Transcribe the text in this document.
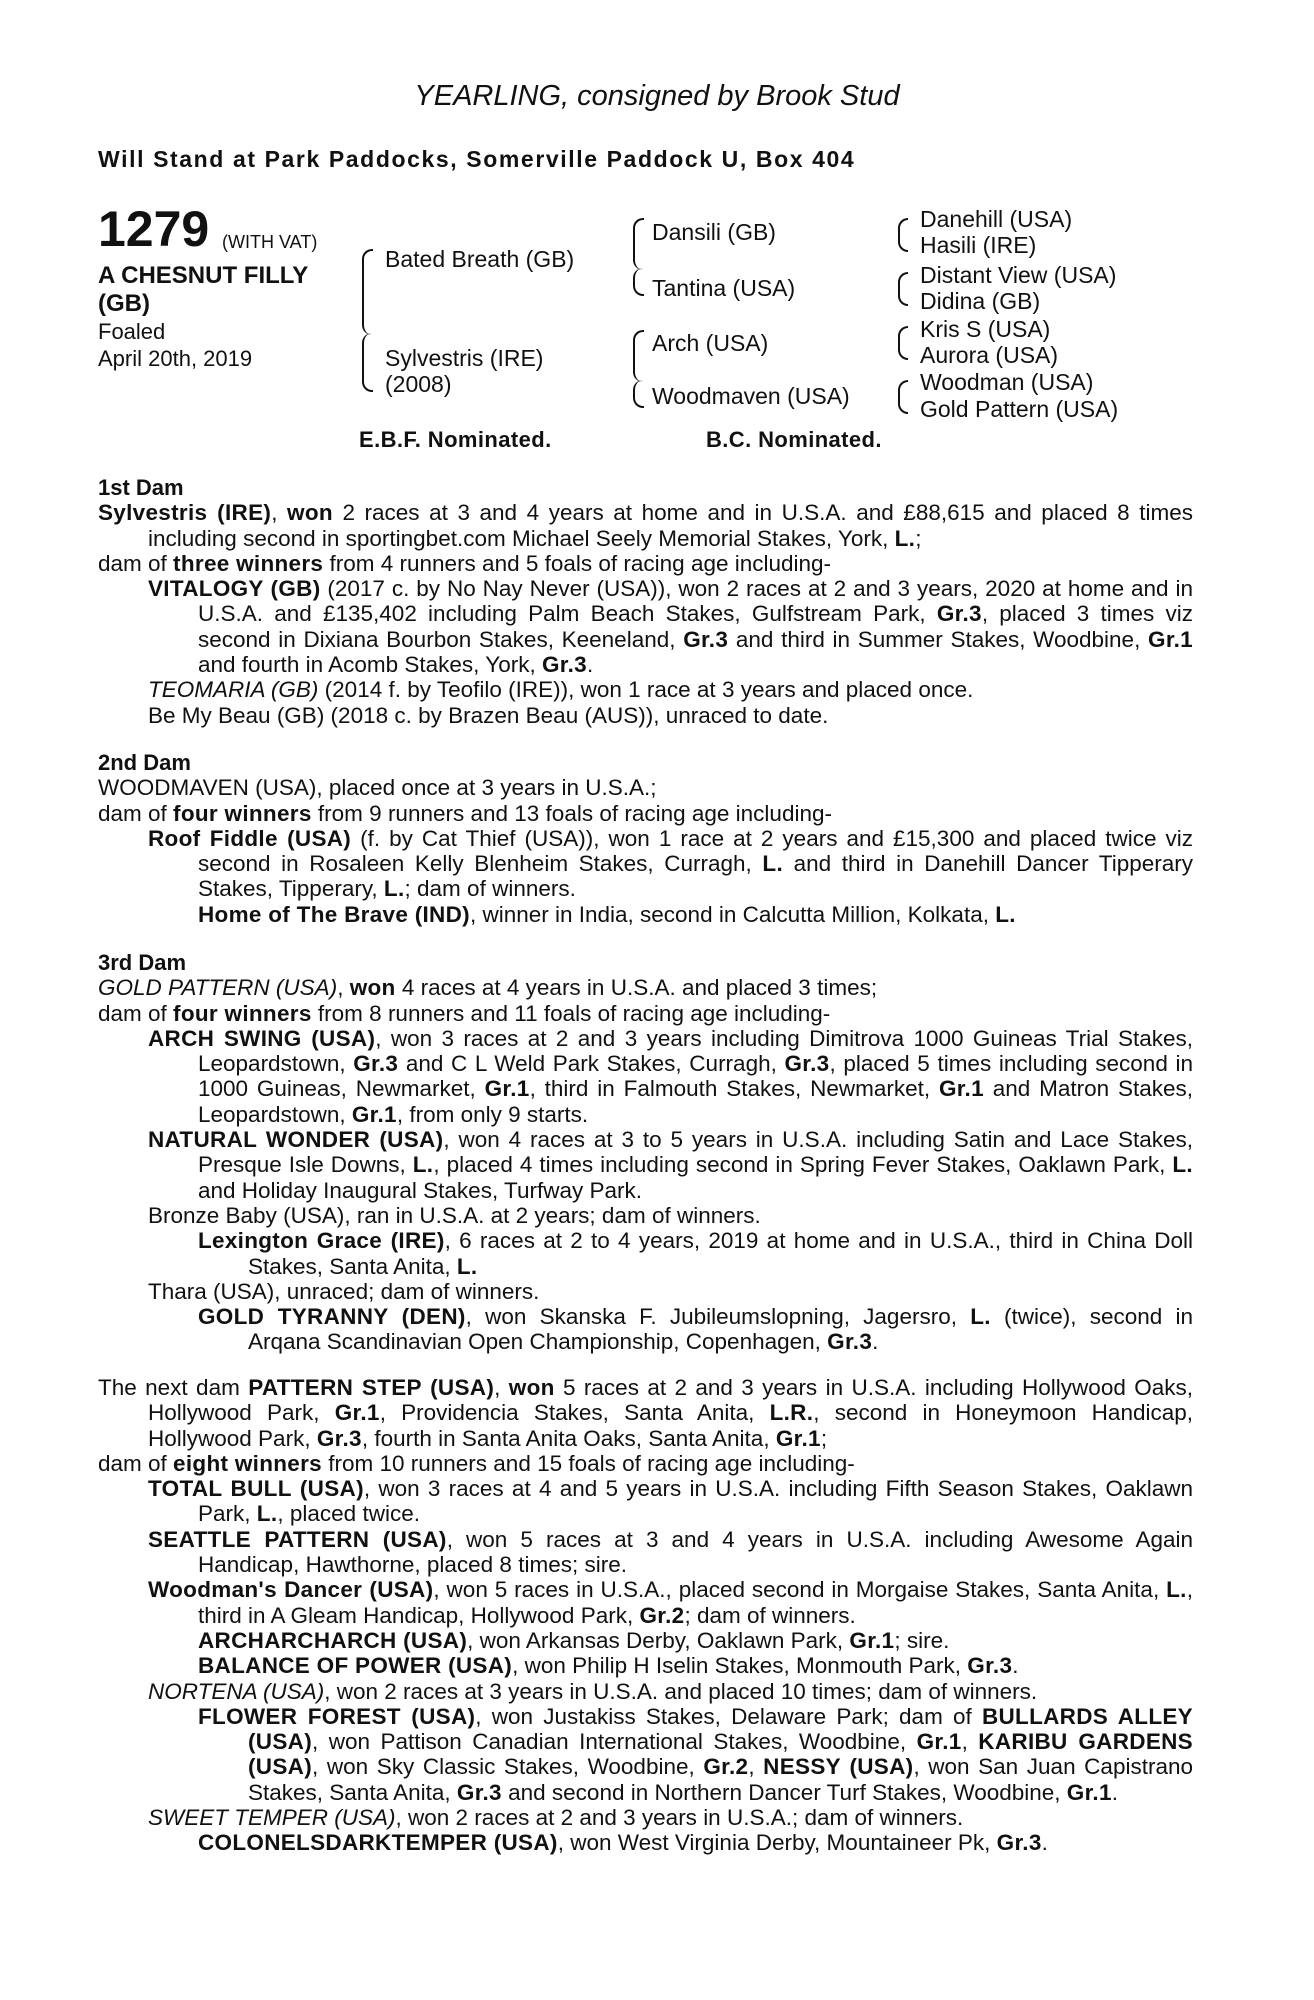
YEARLING, consigned by Brook Stud
Will Stand at Park Paddocks, Somerville Paddock U, Box 404
1279 (WITH VAT)
A CHESNUT FILLY
(GB)
Foaled
April 20th, 2019
Bated Breath (GB)
Sylvestris (IRE)
(2008)
Dansili (GB)
Tantina (USA)
Arch (USA)
Woodmaven (USA)
Danehill (USA)
Hasili (IRE)
Distant View (USA)
Didina (GB)
Kris S (USA)
Aurora (USA)
Woodman (USA)
Gold Pattern (USA)
E.B.F. Nominated.	B.C. Nominated.
1st Dam
Sylvestris (IRE), won 2 races at 3 and 4 years at home and in U.S.A. and £88,615 and placed 8 times including second in sportingbet.com Michael Seely Memorial Stakes, York, L.;
dam of three winners from 4 runners and 5 foals of racing age including-
VITALOGY (GB) (2017 c. by No Nay Never (USA)), won 2 races at 2 and 3 years, 2020 at home and in U.S.A. and £135,402 including Palm Beach Stakes, Gulfstream Park, Gr.3, placed 3 times viz second in Dixiana Bourbon Stakes, Keeneland, Gr.3 and third in Summer Stakes, Woodbine, Gr.1 and fourth in Acomb Stakes, York, Gr.3.
TEOMARIA (GB) (2014 f. by Teofilo (IRE)), won 1 race at 3 years and placed once.
Be My Beau (GB) (2018 c. by Brazen Beau (AUS)), unraced to date.
2nd Dam
WOODMAVEN (USA), placed once at 3 years in U.S.A.;
dam of four winners from 9 runners and 13 foals of racing age including-
Roof Fiddle (USA) (f. by Cat Thief (USA)), won 1 race at 2 years and £15,300 and placed twice viz second in Rosaleen Kelly Blenheim Stakes, Curragh, L. and third in Danehill Dancer Tipperary Stakes, Tipperary, L.; dam of winners.
Home of The Brave (IND), winner in India, second in Calcutta Million, Kolkata, L.
3rd Dam
GOLD PATTERN (USA), won 4 races at 4 years in U.S.A. and placed 3 times;
dam of four winners from 8 runners and 11 foals of racing age including-
ARCH SWING (USA), won 3 races at 2 and 3 years including Dimitrova 1000 Guineas Trial Stakes, Leopardstown, Gr.3 and C L Weld Park Stakes, Curragh, Gr.3, placed 5 times including second in 1000 Guineas, Newmarket, Gr.1, third in Falmouth Stakes, Newmarket, Gr.1 and Matron Stakes, Leopardstown, Gr.1, from only 9 starts.
NATURAL WONDER (USA), won 4 races at 3 to 5 years in U.S.A. including Satin and Lace Stakes, Presque Isle Downs, L., placed 4 times including second in Spring Fever Stakes, Oaklawn Park, L. and Holiday Inaugural Stakes, Turfway Park.
Bronze Baby (USA), ran in U.S.A. at 2 years; dam of winners.
Lexington Grace (IRE), 6 races at 2 to 4 years, 2019 at home and in U.S.A., third in China Doll Stakes, Santa Anita, L.
Thara (USA), unraced; dam of winners.
GOLD TYRANNY (DEN), won Skanska F. Jubileumslopning, Jagersro, L. (twice), second in Arqana Scandinavian Open Championship, Copenhagen, Gr.3.
The next dam PATTERN STEP (USA), won 5 races at 2 and 3 years in U.S.A. including Hollywood Oaks, Hollywood Park, Gr.1, Providencia Stakes, Santa Anita, L.R., second in Honeymoon Handicap, Hollywood Park, Gr.3, fourth in Santa Anita Oaks, Santa Anita, Gr.1;
dam of eight winners from 10 runners and 15 foals of racing age including-
TOTAL BULL (USA), won 3 races at 4 and 5 years in U.S.A. including Fifth Season Stakes, Oaklawn Park, L., placed twice.
SEATTLE PATTERN (USA), won 5 races at 3 and 4 years in U.S.A. including Awesome Again Handicap, Hawthorne, placed 8 times; sire.
Woodman's Dancer (USA), won 5 races in U.S.A., placed second in Morgaise Stakes, Santa Anita, L., third in A Gleam Handicap, Hollywood Park, Gr.2; dam of winners.
ARCHARCHARCH (USA), won Arkansas Derby, Oaklawn Park, Gr.1; sire.
BALANCE OF POWER (USA), won Philip H Iselin Stakes, Monmouth Park, Gr.3.
NORTENA (USA), won 2 races at 3 years in U.S.A. and placed 10 times; dam of winners.
FLOWER FOREST (USA), won Justakiss Stakes, Delaware Park; dam of BULLARDS ALLEY (USA), won Pattison Canadian International Stakes, Woodbine, Gr.1, KARIBU GARDENS (USA), won Sky Classic Stakes, Woodbine, Gr.2, NESSY (USA), won San Juan Capistrano Stakes, Santa Anita, Gr.3 and second in Northern Dancer Turf Stakes, Woodbine, Gr.1.
SWEET TEMPER (USA), won 2 races at 2 and 3 years in U.S.A.; dam of winners.
COLONELSDARKTEMPER (USA), won West Virginia Derby, Mountaineer Pk, Gr.3.
